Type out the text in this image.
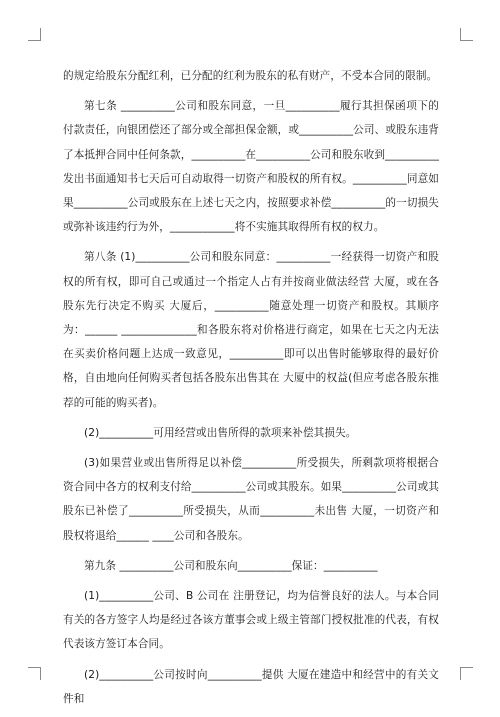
的规定给股东分配红利，已分配的红利为股东的私有财产，不受本合同的限制。

第七条 __________公司和股东同意，一旦__________履行其担保函项下的付款责任，向银团偿还了部分或全部担保金额，或__________公司、或股东违背了本抵押合同中任何条款，__________在__________公司和股东收到__________发出书面通知书七天后可自动取得一切资产和股权的所有权。__________同意如果__________公司或股东在上述七天之内，按照要求补偿__________的一切损失或弥补该违约行为外，____________将不实施其取得所有权的权力。

第八条 (1)__________公司和股东同意：__________一经获得一切资产和股权的所有权，即可自己或通过一个指定人占有并按商业做法经营 大厦，或在各股东先行决定不购买 大厦后，__________随意处理一切资产和股权。其顺序为：______ ______________和各股东将对价格进行商定，如果在七天之内无法在买卖价格问题上达成一致意见，__________即可以出售时能够取得的最好价格，自由地向任何购买者包括各股东出售其在 大厦中的权益(但应考虑各股东推荐的可能的购买者)。

(2)__________可用经营或出售所得的款项来补偿其损失。

(3)如果营业或出售所得足以补偿__________所受损失，所剩款项将根据合资合同中各方的权利支付给__________公司或其股东。如果__________公司或其股东已补偿了__________所受损失，从而__________未出售 大厦，一切资产和股权将退给______ ____公司和各股东。

第九条 __________公司和股东向__________保证：__________

(1)__________公司、B 公司在 注册登记，均为信誉良好的法人。与本合同有关的各方签字人均是经过各该方董事会或上级主管部门授权批准的代表，有权代表该方签订本合同。

(2)__________公司按时向__________提供 大厦在建造中和经营中的有关文件和
